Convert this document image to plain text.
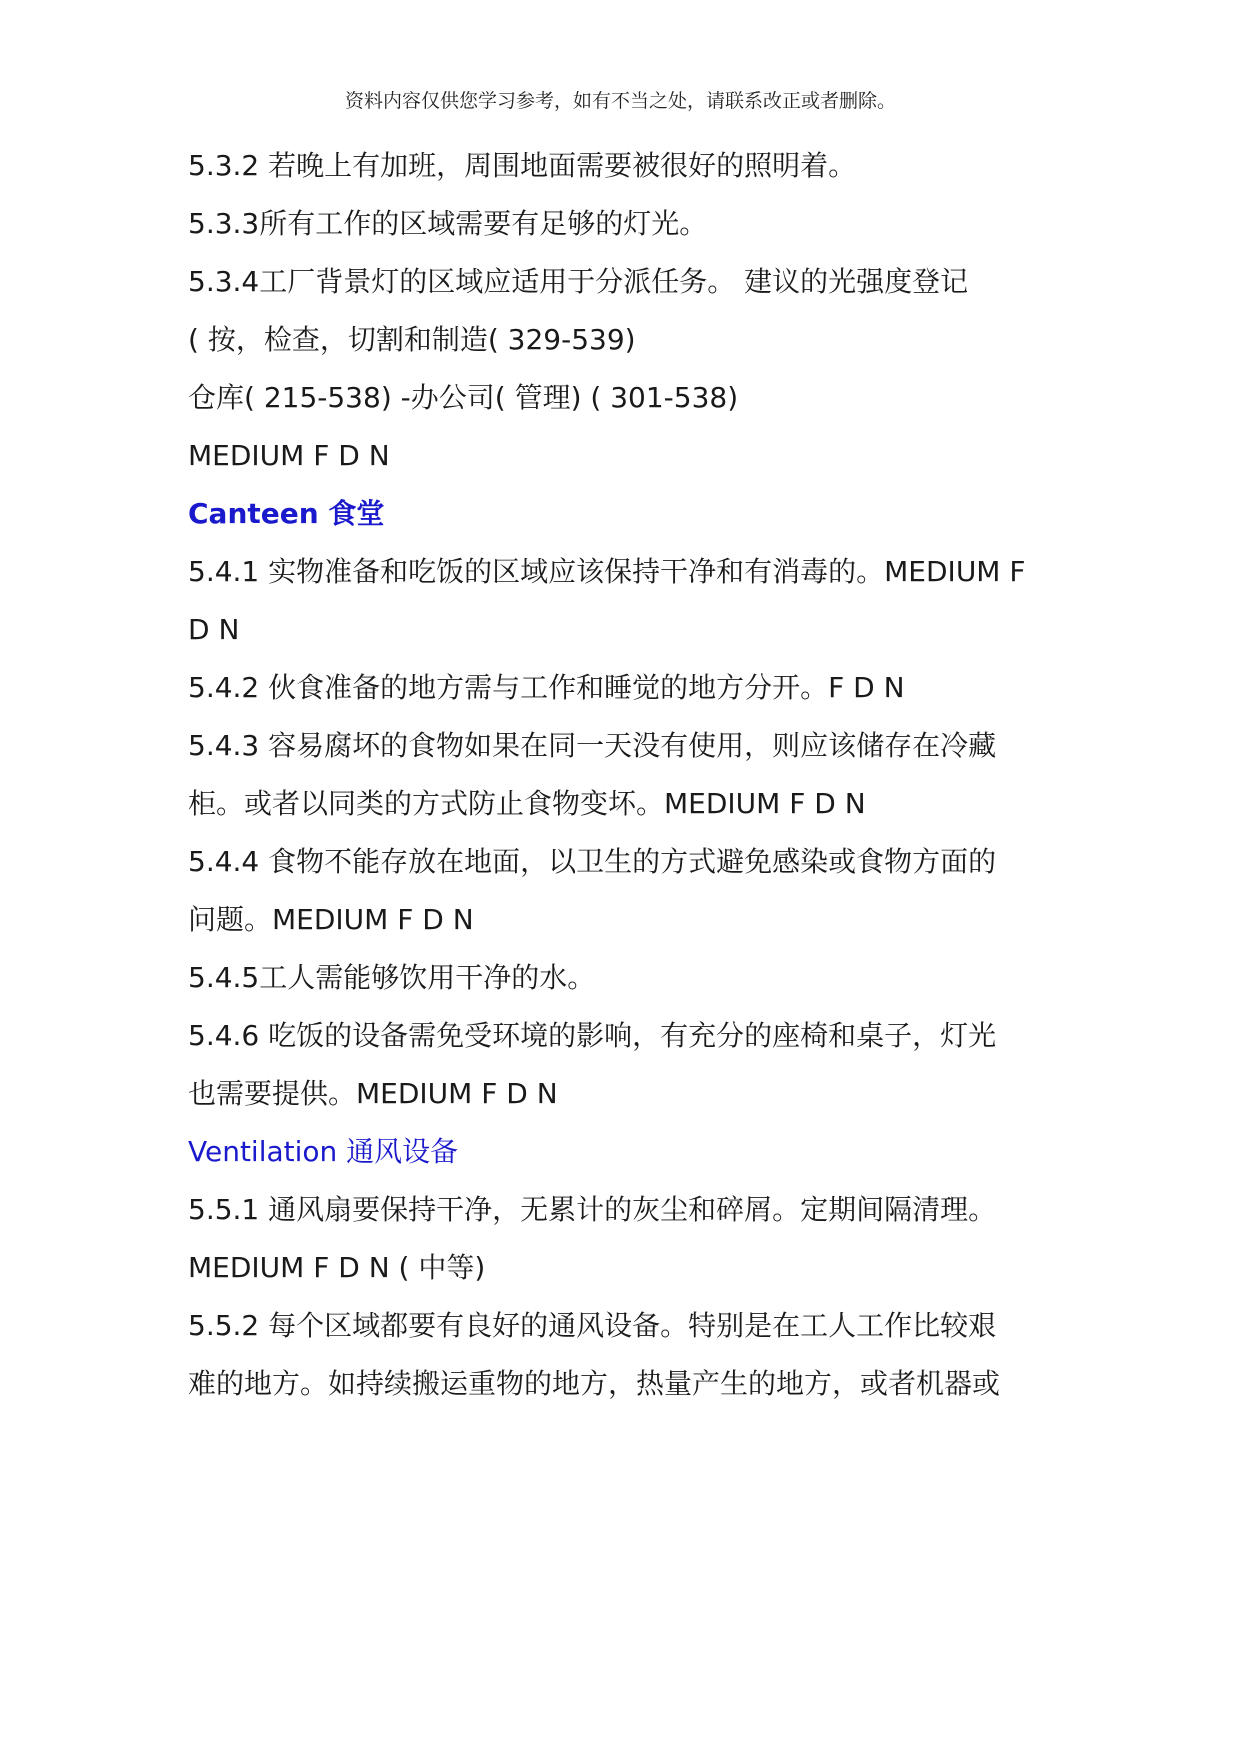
资料内容仅供您学习参考，如有不当之处，请联系改正或者删除。
5.3.2 若晚上有加班，周围地面需要被很好的照明着。
5.3.3所有工作的区域需要有足够的灯光。
5.3.4工厂背景灯的区域应适用于分派任务。 建议的光强度登记
( 按，检查，切割和制造( 329-539)
仓库( 215-538) -办公司( 管理) ( 301-538)
MEDIUM F D N
Canteen 食堂
5.4.1 实物准备和吃饭的区域应该保持干净和有消毒的。MEDIUM F
D N
5.4.2 伙食准备的地方需与工作和睡觉的地方分开。F D N
5.4.3 容易腐坏的食物如果在同一天没有使用，则应该储存在冷藏
柜。或者以同类的方式防止食物变坏。MEDIUM F D N
5.4.4 食物不能存放在地面，以卫生的方式避免感染或食物方面的
问题。MEDIUM F D N
5.4.5工人需能够饮用干净的水。
5.4.6 吃饭的设备需免受环境的影响，有充分的座椅和桌子，灯光
也需要提供。MEDIUM F D N
Ventilation 通风设备
5.5.1 通风扇要保持干净，无累计的灰尘和碎屑。定期间隔清理。
MEDIUM F D N ( 中等)
5.5.2 每个区域都要有良好的通风设备。特别是在工人工作比较艰
难的地方。如持续搬运重物的地方，热量产生的地方，或者机器或
